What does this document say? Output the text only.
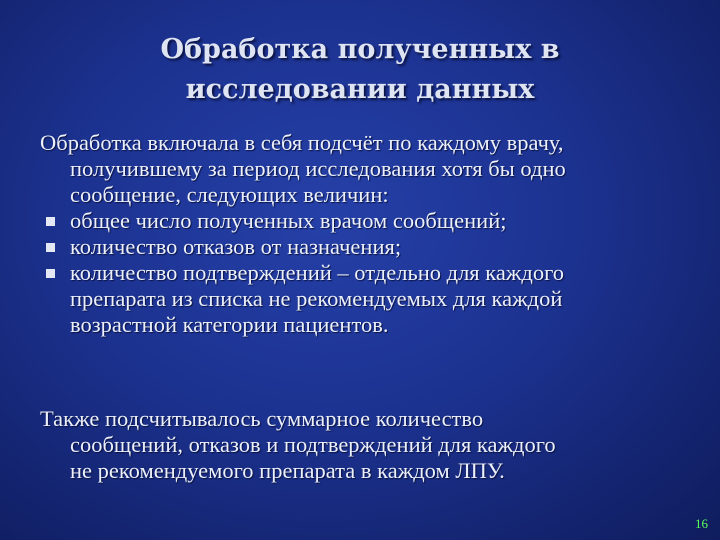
Обработка полученных в
исследовании данных
Обработка включала в себя подсчёт по каждому врачу,
получившему за период исследования хотя бы одно
сообщение, следующих величин:
общее число полученных врачом сообщений;
количество отказов от назначения;
количество подтверждений – отдельно для каждого
препарата из списка не рекомендуемых для каждой
возрастной категории пациентов.
Также подсчитывалось суммарное количество
сообщений, отказов и подтверждений для каждого
не рекомендуемого препарата в каждом ЛПУ.
16
